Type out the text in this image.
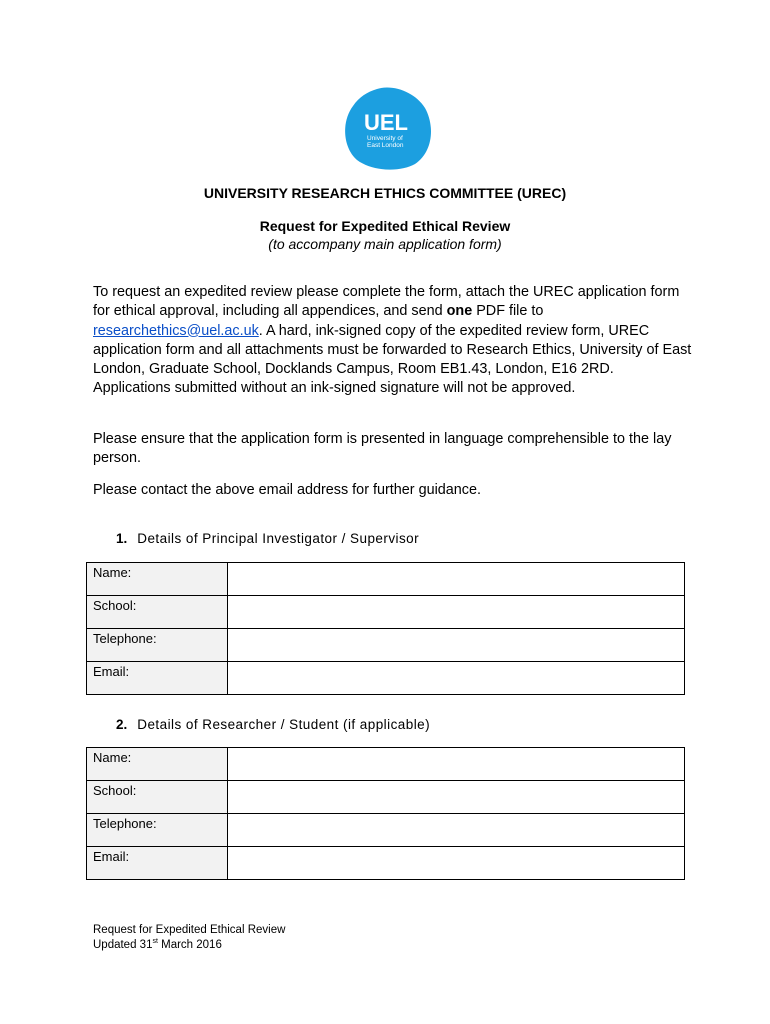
UEL
University of
East London
UNIVERSITY RESEARCH ETHICS COMMITTEE (UREC)
Request for Expedited Ethical Review
(to accompany main application form)
To request an expedited review please complete the form, attach the UREC application form for ethical approval, including all appendices, and send one PDF file to researchethics@uel.ac.uk. A hard, ink-signed copy of the expedited review form, UREC application form and all attachments must be forwarded to Research Ethics, University of East London, Graduate School, Docklands Campus, Room EB1.43, London, E16 2RD. Applications submitted without an ink-signed signature will not be approved.
Please ensure that the application form is presented in language comprehensible to the lay person.
Please contact the above email address for further guidance.
1. Details of Principal Investigator / Supervisor
Name:	
School:	
Telephone:	
Email:	
2. Details of Researcher / Student (if applicable)
Name:	
School:	
Telephone:	
Email:	
Request for Expedited Ethical Review
Updated 31st March 2016
